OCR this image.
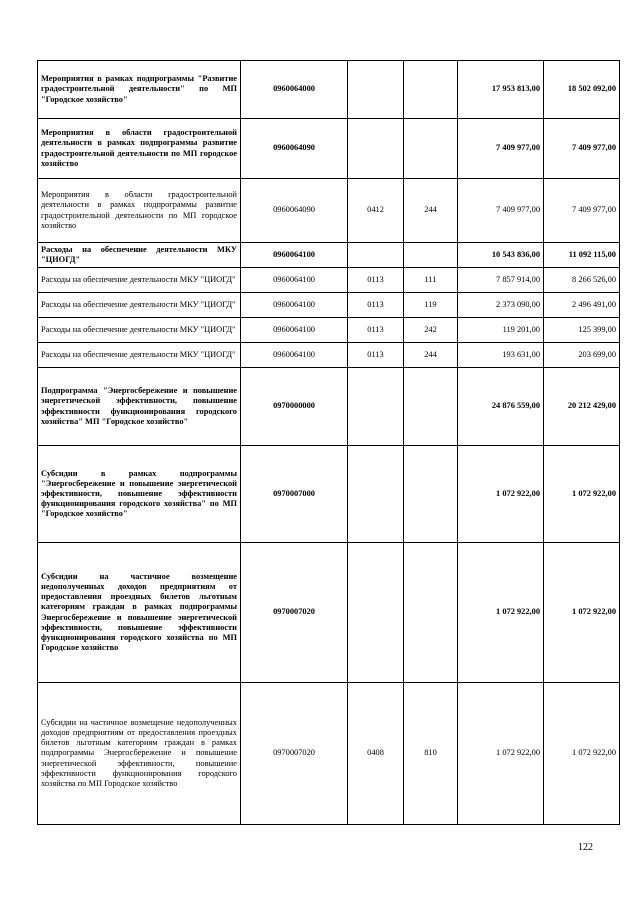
Мероприятия в рамках подпрограммы "Развитие градостроительной деятельности" по МП "Городское хозяйство"	0960064000			17 953 813,00	18 502 092,00
Мероприятия в области градостроительной деятельности в рамках подпрограммы развитие градостроительной деятельности по МП городское хозяйство	0960064090			7 409 977,00	7 409 977,00
Мероприятия в области градостроительной деятельности в рамках подпрограммы развитие градостроительной деятельности по МП городское хозяйство	0960064090	0412	244	7 409 977,00	7 409 977,00
Расходы на обеспечение деятельности МКУ "ЦИОГД"	0960064100			10 543 836,00	11 092 115,00
Расходы на обеспечение деятельности МКУ "ЦИОГД"	0960064100	0113	111	7 857 914,00	8 266 526,00
Расходы на обеспечение деятельности МКУ "ЦИОГД"	0960064100	0113	119	2 373 090,00	2 496 491,00
Расходы на обеспечение деятельности МКУ "ЦИОГД"	0960064100	0113	242	119 201,00	125 399,00
Расходы на обеспечение деятельности МКУ "ЦИОГД"	0960064100	0113	244	193 631,00	203 699,00
Подпрограмма "Энергосбережение и повышение энергетической эффективности, повышение эффективности функционирования городского хозяйства" МП "Городское хозяйство"	0970000000			24 876 559,00	20 212 429,00
Субсидии в рамках подпрограммы "Энергосбережение и повышение энергетической эффективности, повышение эффективности функционирования городского хозяйства" по МП "Городское хозяйство"	0970007000			1 072 922,00	1 072 922,00
Субсидии на частичное возмещение недополученных доходов предприятиям от предоставления проездных билетов льготным категориям граждан в рамках подпрограммы Энергосбережение и повышение энергетической эффективности, повышение эффективности функционирования городского хозяйства по МП Городское хозяйство	0970007020			1 072 922,00	1 072 922,00
Субсидии на частичное возмещение недополученных доходов предприятиям от предоставления проездных билетов льготным категориям граждан в рамках подпрограммы Энергосбережение и повышение энергетической эффективности, повышение эффективности функционирования городского хозяйства по МП Городское хозяйство	0970007020	0408	810	1 072 922,00	1 072 922,00
122
